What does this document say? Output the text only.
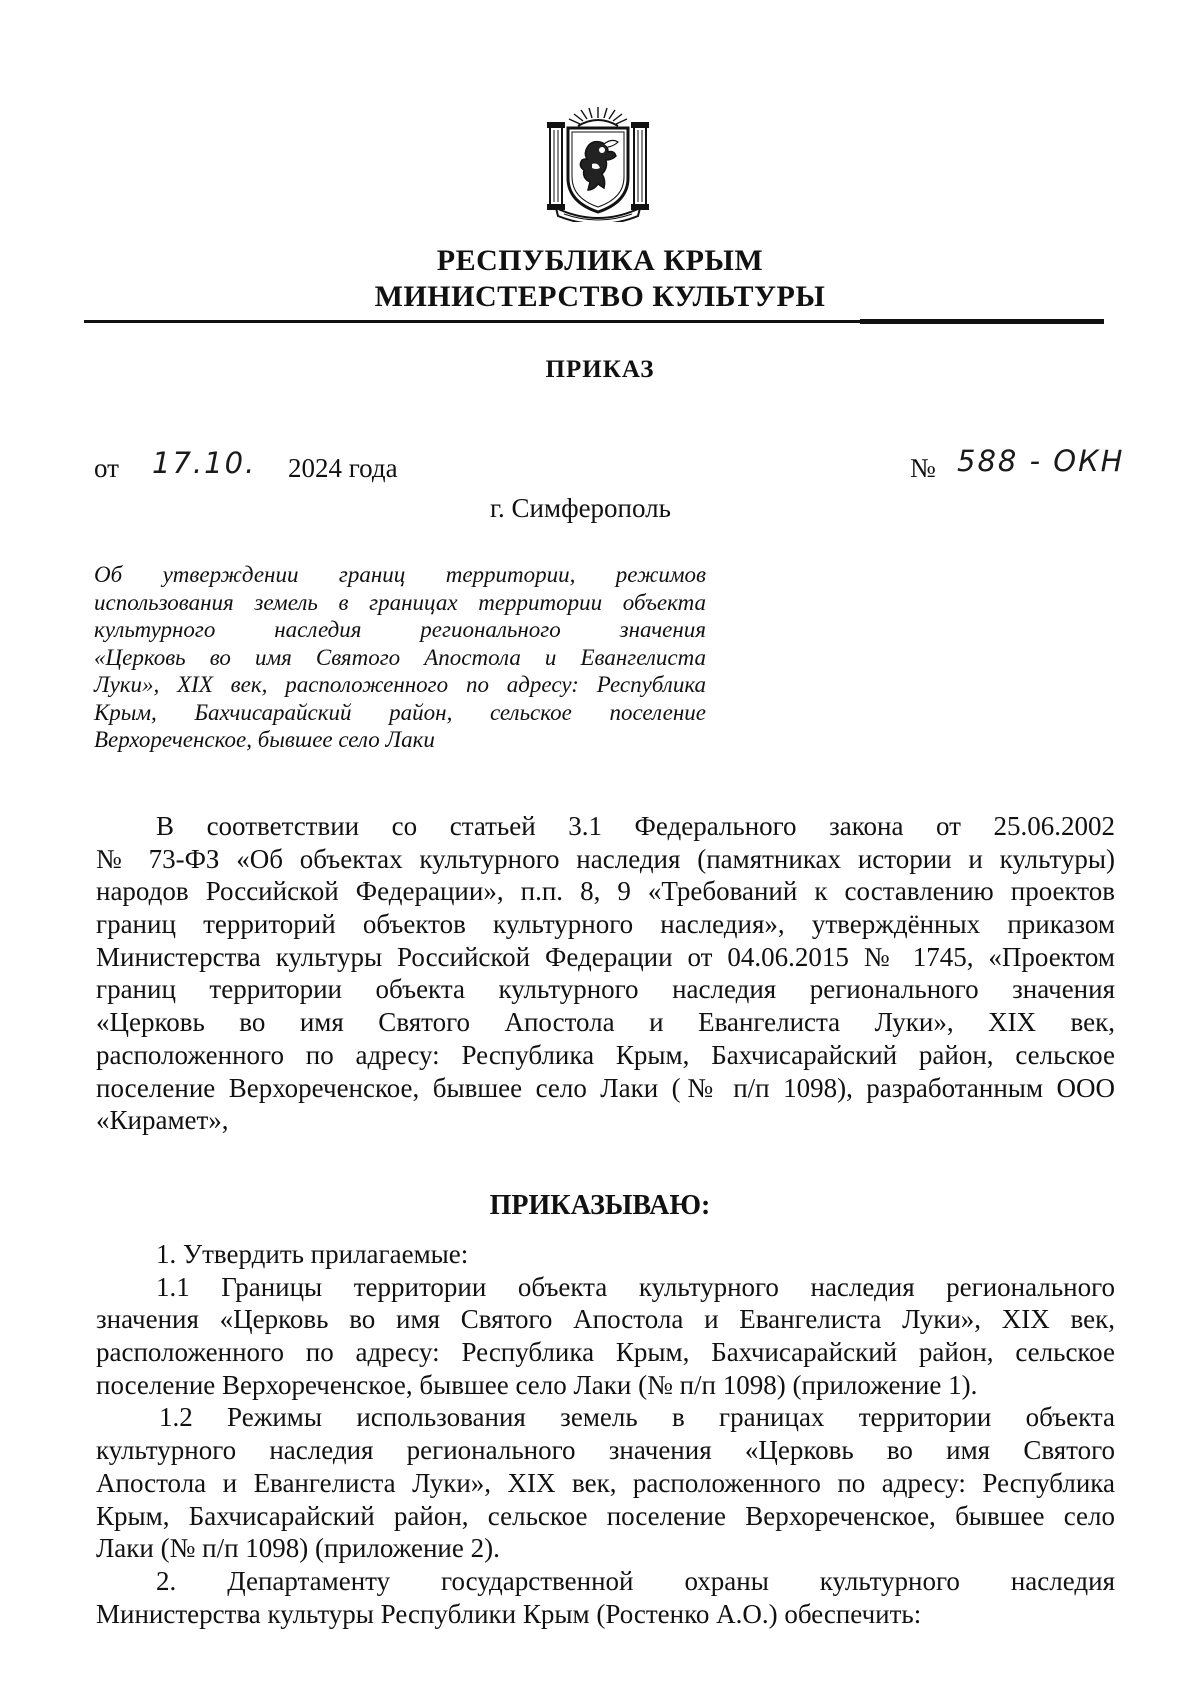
РЕСПУБЛИКА КРЫМ
МИНИСТЕРСТВО КУЛЬТУРЫ
ПРИКАЗ
от 17.10. 2024 года	№ 588 - ОКН
г. Симферополь
Об утверждении границ территории, режимов
использования земель в границах территории объекта
культурного наследия регионального значения
«Церковь во имя Святого Апостола и Евангелиста
Луки», XIX век, расположенного по адресу: Республика
Крым, Бахчисарайский район, сельское поселение
Верхореченское, бывшее село Лаки
В соответствии со статьей 3.1 Федерального закона от 25.06.2002
№ 73-ФЗ «Об объектах культурного наследия (памятниках истории и культуры)
народов Российской Федерации», п.п. 8, 9 «Требований к составлению проектов
границ территорий объектов культурного наследия», утверждённых приказом
Министерства культуры Российской Федерации от 04.06.2015 № 1745, «Проектом
границ территории объекта культурного наследия регионального значения
«Церковь во имя Святого Апостола и Евангелиста Луки», XIX век,
расположенного по адресу: Республика Крым, Бахчисарайский район, сельское
поселение Верхореченское, бывшее село Лаки (№ п/п 1098), разработанным ООО
«Кирамет»,
ПРИКАЗЫВАЮ:
1. Утвердить прилагаемые:
1.1 Границы территории объекта культурного наследия регионального
значения «Церковь во имя Святого Апостола и Евангелиста Луки», XIX век,
расположенного по адресу: Республика Крым, Бахчисарайский район, сельское
поселение Верхореченское, бывшее село Лаки (№ п/п 1098) (приложение 1).
1.2 Режимы использования земель в границах территории объекта
культурного наследия регионального значения «Церковь во имя Святого
Апостола и Евангелиста Луки», XIX век, расположенного по адресу: Республика
Крым, Бахчисарайский район, сельское поселение Верхореченское, бывшее село
Лаки (№ п/п 1098) (приложение 2).
2. Департаменту государственной охраны культурного наследия
Министерства культуры Республики Крым (Ростенко А.О.) обеспечить:
